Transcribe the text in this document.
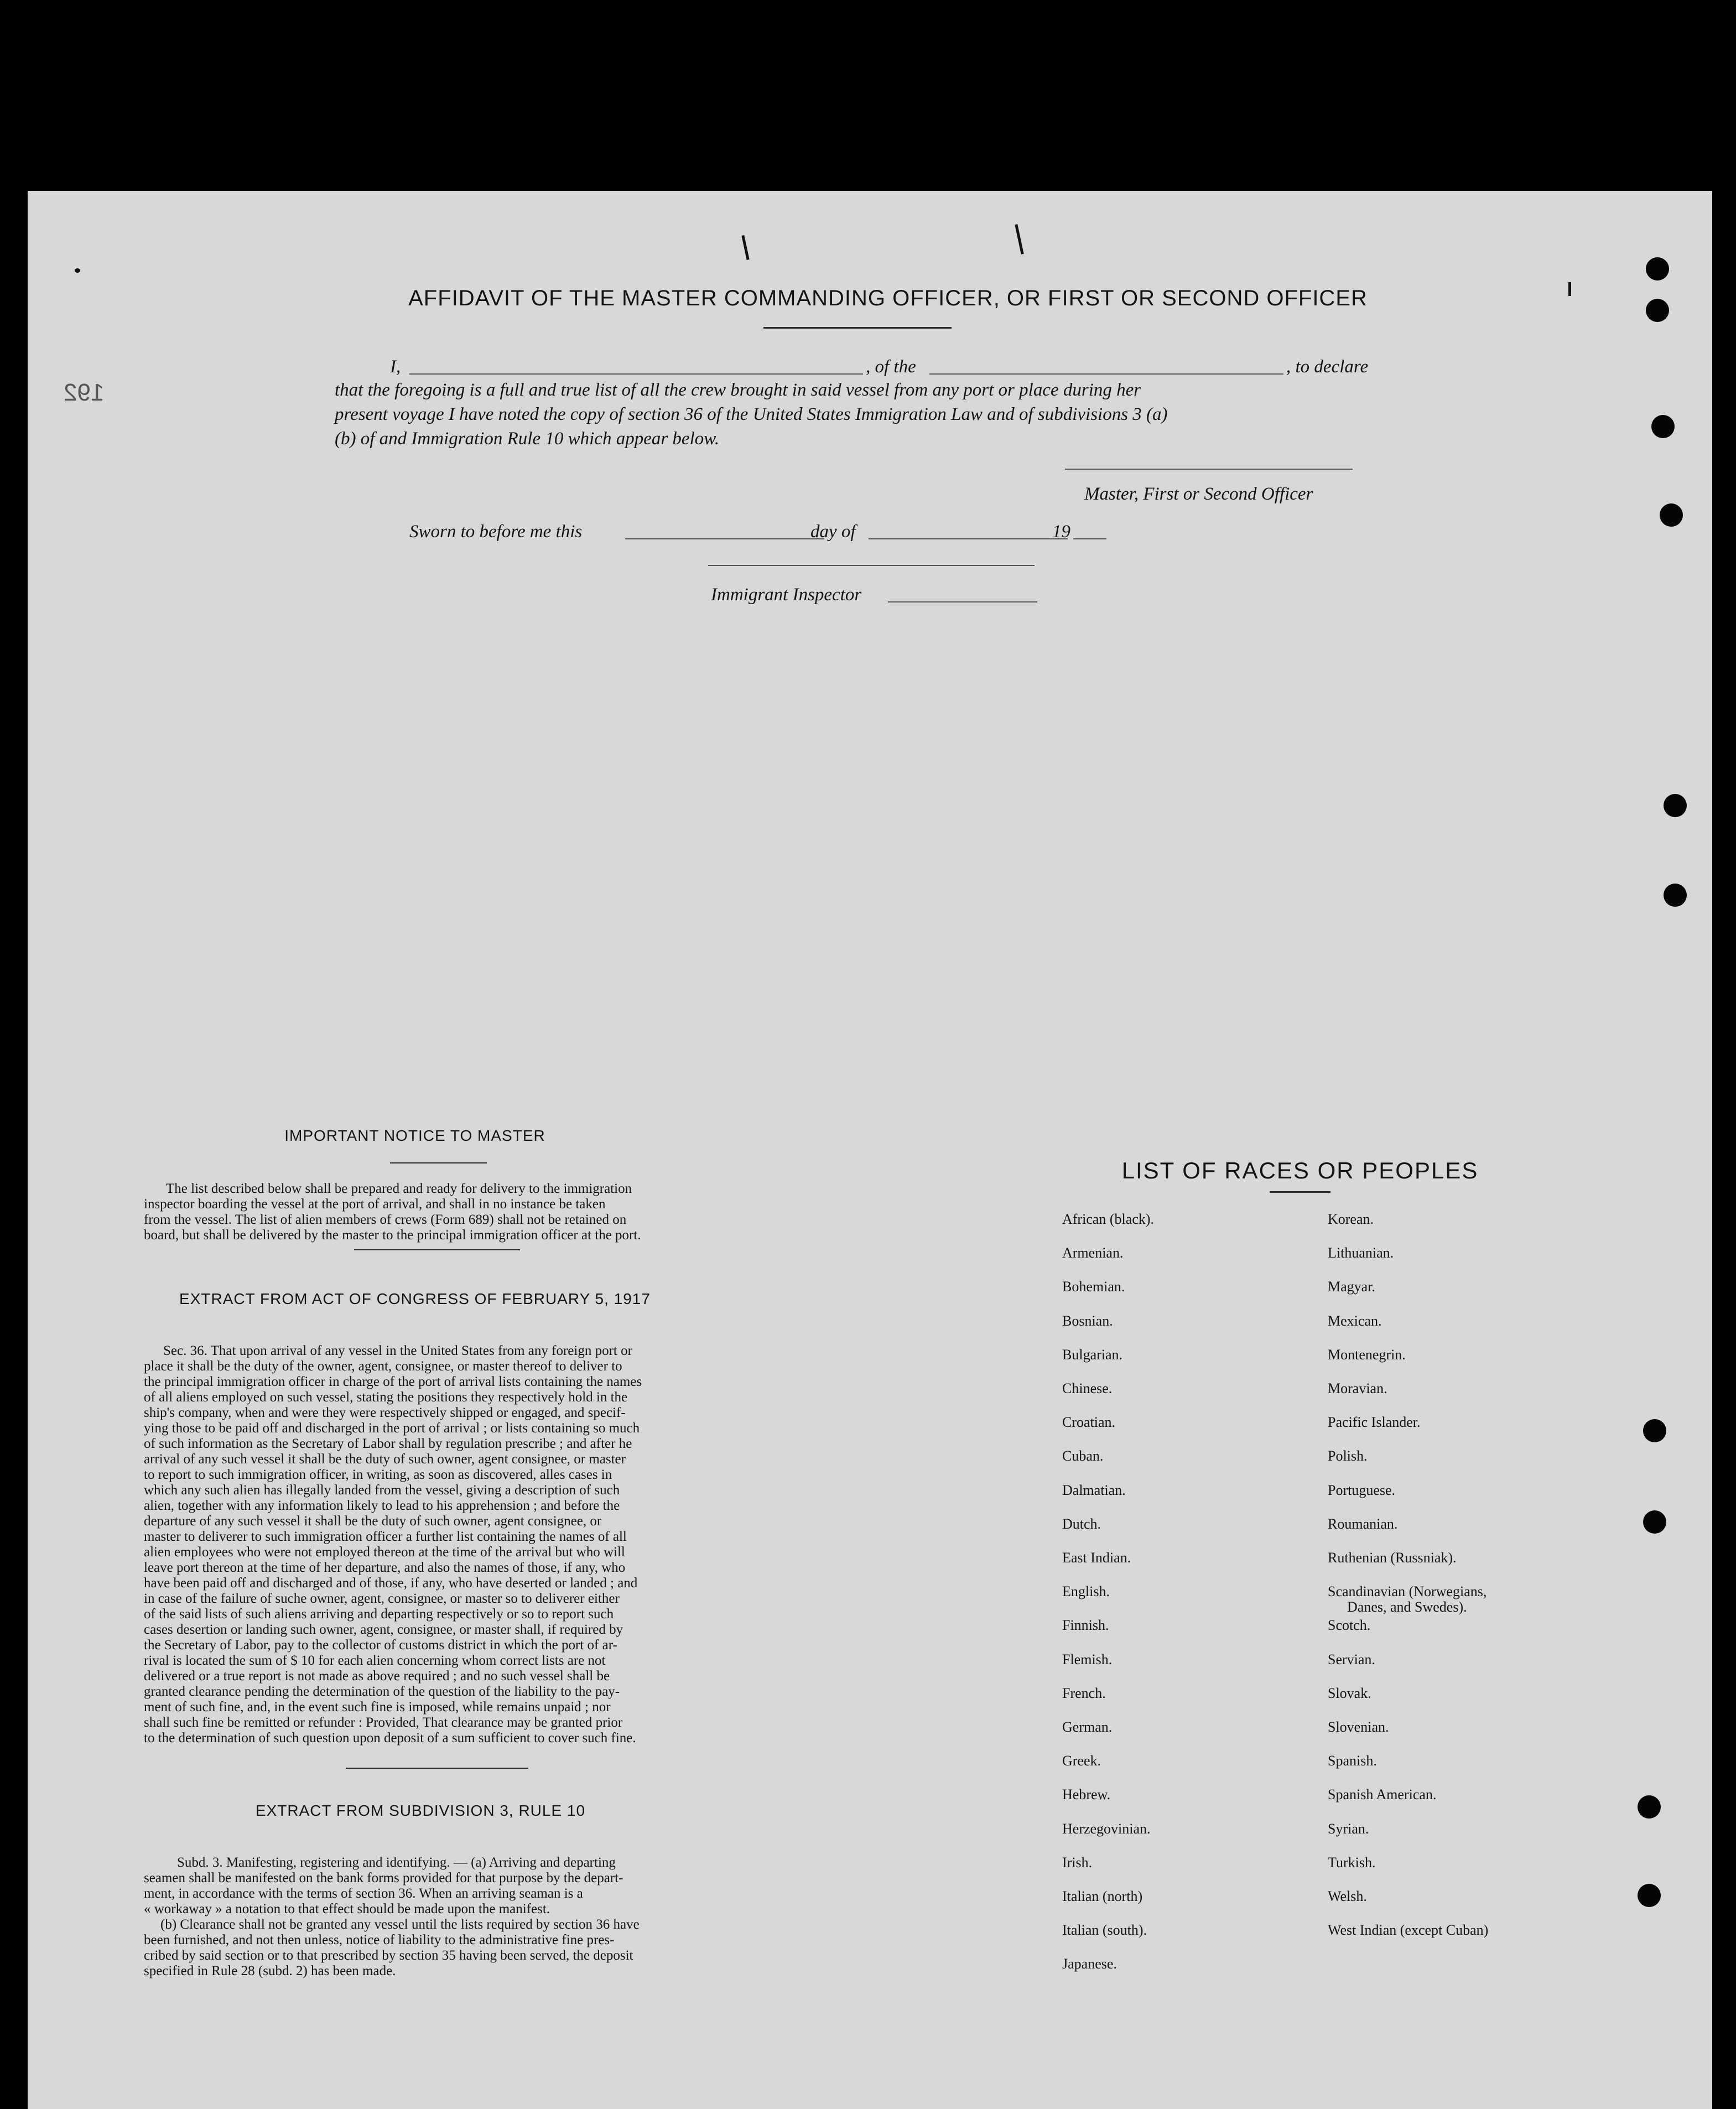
192
AFFIDAVIT OF THE MASTER COMMANDING OFFICER, OR FIRST OR SECOND OFFICER
I,	, of the	, to declare
that the foregoing is a full and true list of all the crew brought in said vessel from any port or place during her
present voyage I have noted the copy of section 36 of the United States Immigration Law and of subdivisions 3 (a)
(b) of and Immigration Rule 10 which appear below.
Master, First or Second Officer
Sworn to before me this	day of	19
Immigrant Inspector
IMPORTANT NOTICE TO MASTER
The list described below shall be prepared and ready for delivery to the immigration
inspector boarding the vessel at the port of arrival, and shall in no instance be taken
from the vessel. The list of alien members of crews (Form 689) shall not be retained on
board, but shall be delivered by the master to the principal immigration officer at the port.
EXTRACT FROM ACT OF CONGRESS OF FEBRUARY 5, 1917
Sec. 36. That upon arrival of any vessel in the United States from any foreign port or
place it shall be the duty of the owner, agent, consignee, or master thereof to deliver to
the principal immigration officer in charge of the port of arrival lists containing the names
of all aliens employed on such vessel, stating the positions they respectively hold in the
ship's company, when and were they were respectively shipped or engaged, and specif-
ying those to be paid off and discharged in the port of arrival ; or lists containing so much
of such information as the Secretary of Labor shall by regulation prescribe ; and after he
arrival of any such vessel it shall be the duty of such owner, agent consignee, or master
to report to such immigration officer, in writing, as soon as discovered, alles cases in
which any such alien has illegally landed from the vessel, giving a description of such
alien, together with any information likely to lead to his apprehension ; and before the
departure of any such vessel it shall be the duty of such owner, agent consignee, or
master to deliverer to such immigration officer a further list containing the names of all
alien employees who were not employed thereon at the time of the arrival but who will
leave port thereon at the time of her departure, and also the names of those, if any, who
have been paid off and discharged and of those, if any, who have deserted or landed ; and
in case of the failure of suche owner, agent, consignee, or master so to deliverer either
of the said lists of such aliens arriving and departing respectively or so to report such
cases desertion or landing such owner, agent, consignee, or master shall, if required by
the Secretary of Labor, pay to the collector of customs district in which the port of ar-
rival is located the sum of $ 10 for each alien concerning whom correct lists are not
delivered or a true report is not made as above required ; and no such vessel shall be
granted clearance pending the determination of the question of the liability to the pay-
ment of such fine, and, in the event such fine is imposed, while remains unpaid ; nor
shall such fine be remitted or refunder : Provided, That clearance may be granted prior
to the determination of such question upon deposit of a sum sufficient to cover such fine.
EXTRACT FROM SUBDIVISION 3, RULE 10
Subd. 3. Manifesting, registering and identifying. — (a) Arriving and departing
seamen shall be manifested on the bank forms provided for that purpose by the depart-
ment, in accordance with the terms of section 36. When an arriving seaman is a
« workaway » a notation to that effect should be made upon the manifest.
(b) Clearance shall not be granted any vessel until the lists required by section 36 have
been furnished, and not then unless, notice of liability to the administrative fine pres-
cribed by said section or to that prescribed by section 35 having been served, the deposit
specified in Rule 28 (subd. 2) has been made.
LIST OF RACES OR PEOPLES
African (black).
Armenian.
Bohemian.
Bosnian.
Bulgarian.
Chinese.
Croatian.
Cuban.
Dalmatian.
Dutch.
East Indian.
English.
Finnish.
Flemish.
French.
German.
Greek.
Hebrew.
Herzegovinian.
Irish.
Italian (north)
Italian (south).
Japanese.
Korean.
Lithuanian.
Magyar.
Mexican.
Montenegrin.
Moravian.
Pacific Islander.
Polish.
Portuguese.
Roumanian.
Ruthenian (Russniak).
Scandinavian (Norwegians,
Danes, and Swedes).
Scotch.
Servian.
Slovak.
Slovenian.
Spanish.
Spanish American.
Syrian.
Turkish.
Welsh.
West Indian (except Cuban)
